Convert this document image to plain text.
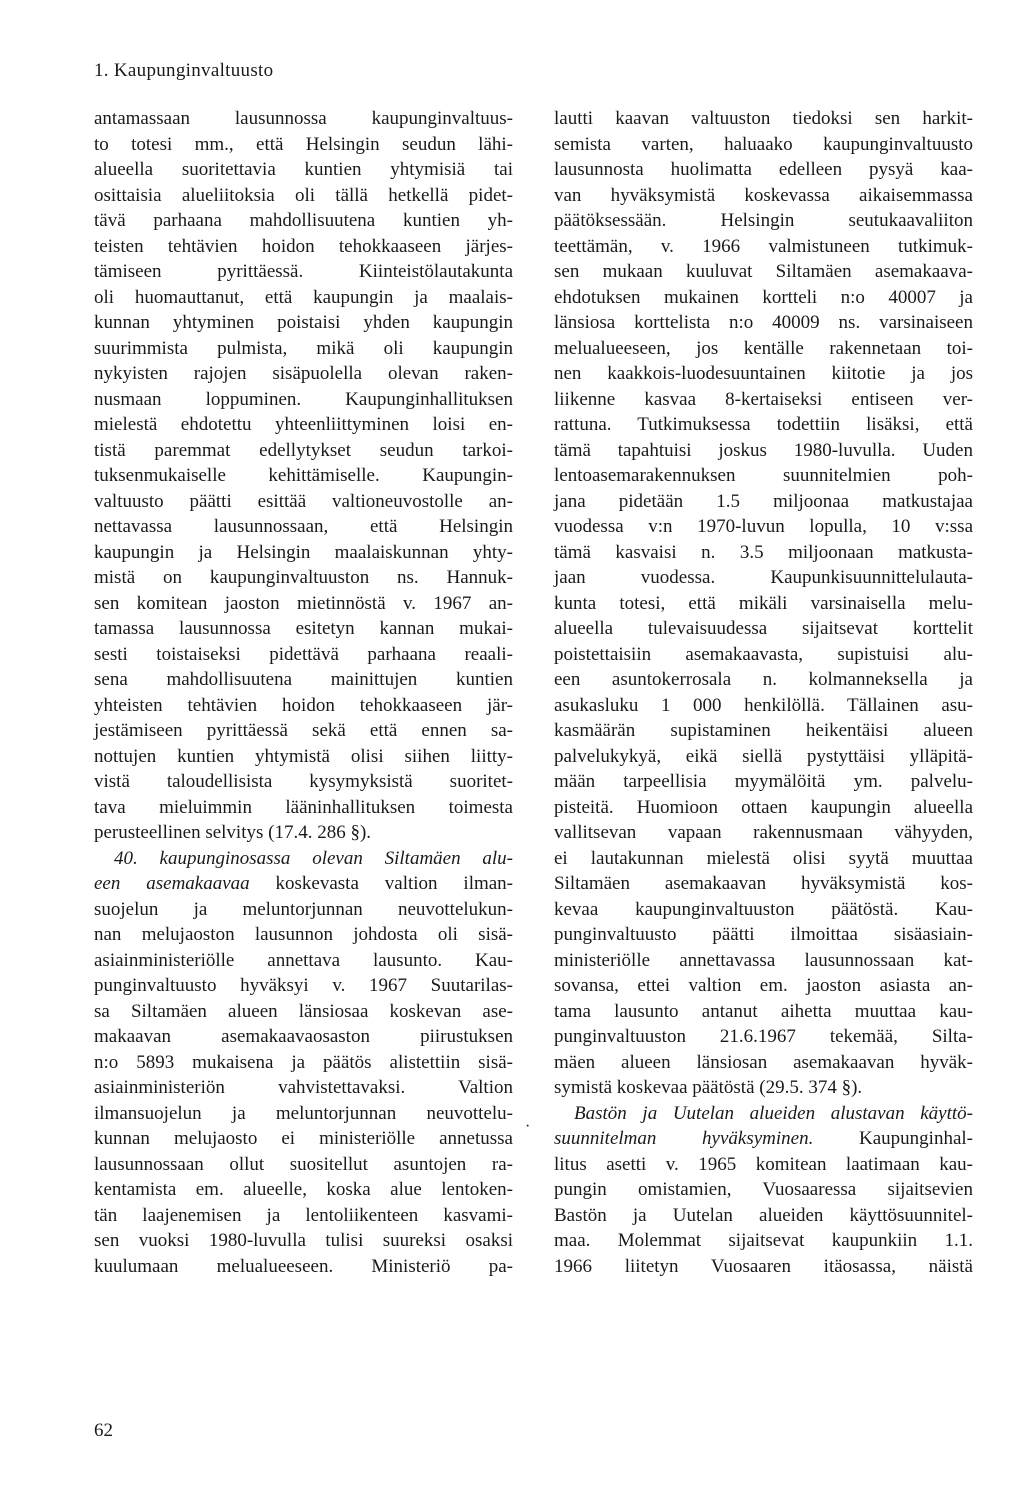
1. Kaupunginvaltuusto
antamassaan lausunnossa kaupunginvaltuus-
to totesi mm., että Helsingin seudun lähi-
alueella suoritettavia kuntien yhtymisiä tai
osittaisia alueliitoksia oli tällä hetkellä pidet-
tävä parhaana mahdollisuutena kuntien yh-
teisten tehtävien hoidon tehokkaaseen järjes-
tämiseen pyrittäessä. Kiinteistölautakunta
oli huomauttanut, että kaupungin ja maalais-
kunnan yhtyminen poistaisi yhden kaupungin
suurimmista pulmista, mikä oli kaupungin
nykyisten rajojen sisäpuolella olevan raken-
nusmaan loppuminen. Kaupunginhallituksen
mielestä ehdotettu yhteenliittyminen loisi en-
tistä paremmat edellytykset seudun tarkoi-
tuksenmukaiselle kehittämiselle. Kaupungin-
valtuusto päätti esittää valtioneuvostolle an-
nettavassa lausunnossaan, että Helsingin
kaupungin ja Helsingin maalaiskunnan yhty-
mistä on kaupunginvaltuuston ns. Hannuk-
sen komitean jaoston mietinnöstä v. 1967 an-
tamassa lausunnossa esitetyn kannan mukai-
sesti toistaiseksi pidettävä parhaana reaali-
sena mahdollisuutena mainittujen kuntien
yhteisten tehtävien hoidon tehokkaaseen jär-
jestämiseen pyrittäessä sekä että ennen sa-
nottujen kuntien yhtymistä olisi siihen liitty-
vistä taloudellisista kysymyksistä suoritet-
tava mieluimmin lääninhallituksen toimesta
perusteellinen selvitys (17.4. 286 §).
40. kaupunginosassa olevan Siltamäen alu-
een asemakaavaa koskevasta valtion ilman-
suojelun ja meluntorjunnan neuvottelukun-
nan melujaoston lausunnon johdosta oli sisä-
asiainministeriölle annettava lausunto. Kau-
punginvaltuusto hyväksyi v. 1967 Suutarilas-
sa Siltamäen alueen länsiosaa koskevan ase-
makaavan asemakaavaosaston piirustuksen
n:o 5893 mukaisena ja päätös alistettiin sisä-
asiainministeriön vahvistettavaksi. Valtion
ilmansuojelun ja meluntorjunnan neuvottelu-
kunnan melujaosto ei ministeriölle annetussa
lausunnossaan ollut suositellut asuntojen ra-
kentamista em. alueelle, koska alue lentoken-
tän laajenemisen ja lentoliikenteen kasvami-
sen vuoksi 1980-luvulla tulisi suureksi osaksi
kuulumaan melualueeseen. Ministeriö pa-
lautti kaavan valtuuston tiedoksi sen harkit-
semista varten, haluaako kaupunginvaltuusto
lausunnosta huolimatta edelleen pysyä kaa-
van hyväksymistä koskevassa aikaisemmassa
päätöksessään. Helsingin seutukaavaliiton
teettämän, v. 1966 valmistuneen tutkimuk-
sen mukaan kuuluvat Siltamäen asemakaava-
ehdotuksen mukainen kortteli n:o 40007 ja
länsiosa korttelista n:o 40009 ns. varsinaiseen
melualueeseen, jos kentälle rakennetaan toi-
nen kaakkois-luodesuuntainen kiitotie ja jos
liikenne kasvaa 8-kertaiseksi entiseen ver-
rattuna. Tutkimuksessa todettiin lisäksi, että
tämä tapahtuisi joskus 1980-luvulla. Uuden
lentoasemarakennuksen suunnitelmien poh-
jana pidetään 1.5 miljoonaa matkustajaa
vuodessa v:n 1970-luvun lopulla, 10 v:ssa
tämä kasvaisi n. 3.5 miljoonaan matkusta-
jaan vuodessa. Kaupunkisuunnittelulauta-
kunta totesi, että mikäli varsinaisella melu-
alueella tulevaisuudessa sijaitsevat korttelit
poistettaisiin asemakaavasta, supistuisi alu-
een asuntokerrosala n. kolmanneksella ja
asukasluku 1 000 henkilöllä. Tällainen asu-
kasmäärän supistaminen heikentäisi alueen
palvelukykyä, eikä siellä pystyttäisi ylläpitä-
mään tarpeellisia myymälöitä ym. palvelu-
pisteitä. Huomioon ottaen kaupungin alueella
vallitsevan vapaan rakennusmaan vähyyden,
ei lautakunnan mielestä olisi syytä muuttaa
Siltamäen asemakaavan hyväksymistä kos-
kevaa kaupunginvaltuuston päätöstä. Kau-
punginvaltuusto päätti ilmoittaa sisäasiain-
ministeriölle annettavassa lausunnossaan kat-
sovansa, ettei valtion em. jaoston asiasta an-
tama lausunto antanut aihetta muuttaa kau-
punginvaltuuston 21.6.1967 tekemää, Silta-
mäen alueen länsiosan asemakaavan hyväk-
symistä koskevaa päätöstä (29.5. 374 §).
Bastön ja Uutelan alueiden alustavan käyttö-
suunnitelman hyväksyminen. Kaupunginhal-
litus asetti v. 1965 komitean laatimaan kau-
pungin omistamien, Vuosaaressa sijaitsevien
Bastön ja Uutelan alueiden käyttösuunnitel-
maa. Molemmat sijaitsevat kaupunkiin 1.1.
1966 liitetyn Vuosaaren itäosassa, näistä
·
62
